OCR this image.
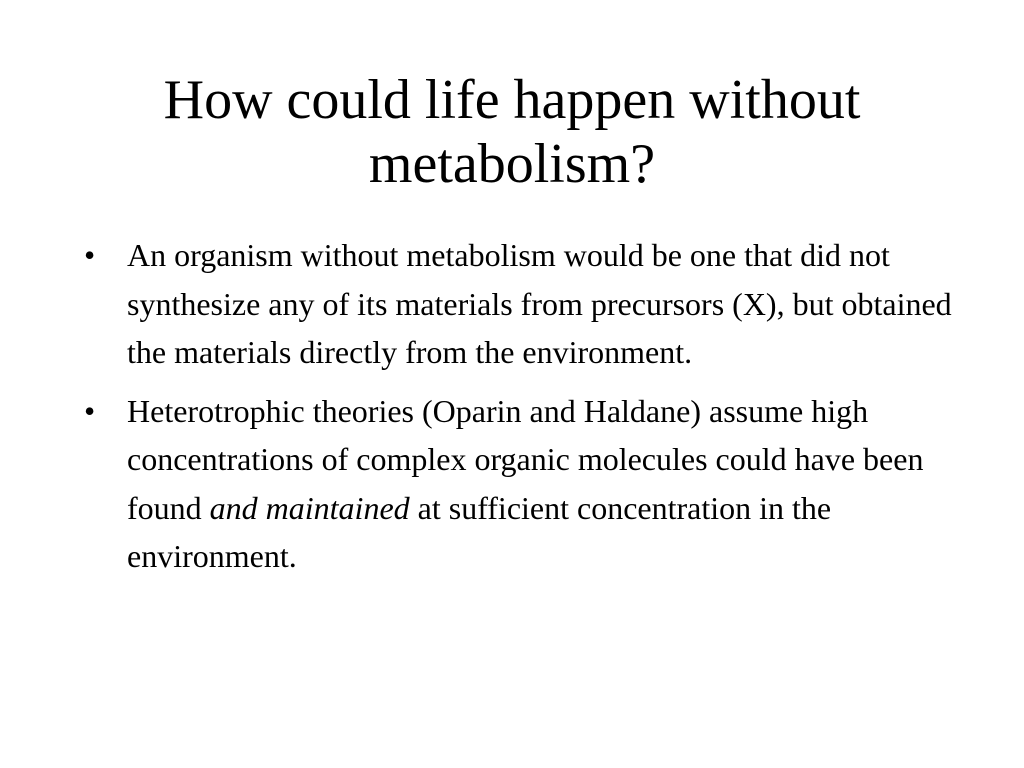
How could life happen without
metabolism?
• An organism without metabolism would be one that did not synthesize any of its materials from precursors (X), but obtained the materials directly from the environment.
• Heterotrophic theories (Oparin and Haldane) assume high concentrations of complex organic molecules could have been found and maintained at sufficient concentration in the environment.
